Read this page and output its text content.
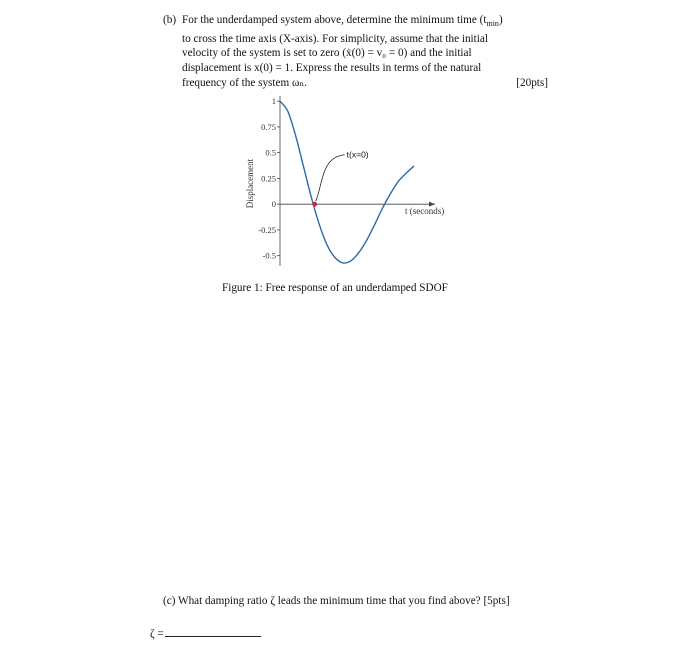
(b) For the underdamped system above, determine the minimum time $(t_{min})$
to cross the time axis (X-axis). For simplicity, assume that the initial
velocity of the system is set to zero (ẋ(0) = v₀ = 0) and the initial
displacement is x(0) = 1. Express the results in terms of the natural
frequency of the system ωₙ.	[20pts]
1
0.75
0.5
0.25
0
-0.25
-0.5
Displacement
t (seconds)
t(x=0)
Figure 1: Free response of an underdamped SDOF
(c) What damping ratio ζ leads the minimum time that you find above? [5pts]
ζ =
